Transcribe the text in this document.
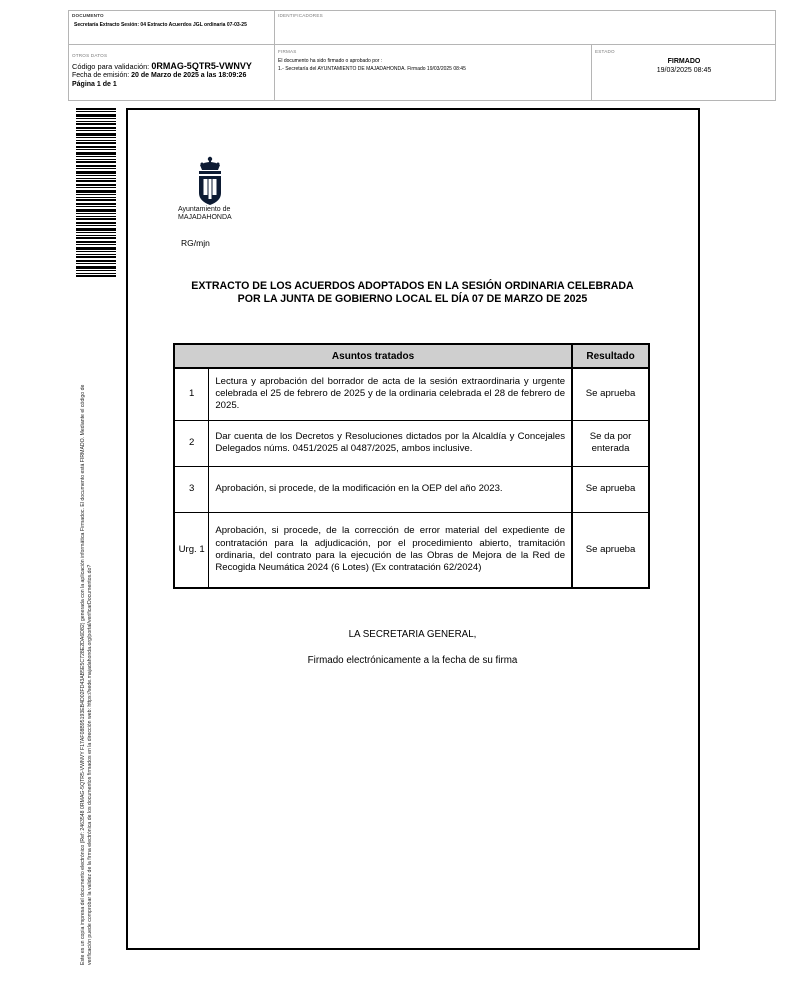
DOCUMENTO
Secretaría Extracto Sesión: 04 Extracto Acuerdos JGL ordinaria 07-03-25
IDENTIFICADORES
OTROS DATOS
Código para validación: 0RMAG-5QTR5-VWNVY
Fecha de emisión: 20 de Marzo de 2025 a las 18:09:26
Página 1 de 1
FIRMAS
El documento ha sido firmado o aprobado por :
1.- Secretaría del AYUNTAMIENTO DE MAJADAHONDA. Firmado 19/03/2025 08:45
ESTADO
FIRMADO
19/03/2025 08:45
Este es un copia impresa del documento electrónico (Ref: 2463548 0RMAG-5QTR5-VWNVY F17AF08B95193EB4D02FD43AB5E5C728E2DA6D82) generada con la aplicación informática Firmadoc. El documento está FIRMADO. Mediante el código de verificación puede comprobar la validez de la firma electrónica de los documentos firmados en la dirección web: https://sede.majadahonda.org/portal/verificarDocumentos.do?
Ayuntamiento de
MAJADAHONDA
RG/mjn
EXTRACTO DE LOS ACUERDOS ADOPTADOS EN LA SESIÓN ORDINARIA CELEBRADA
POR LA JUNTA DE GOBIERNO LOCAL EL DÍA 07 DE MARZO DE 2025
Asuntos tratados		Resultado
1	Lectura y aprobación del borrador de acta de la sesión extraordinaria y urgente celebrada el 25 de febrero de 2025 y de la ordinaria celebrada el 28 de febrero de 2025.	Se aprueba
2	Dar cuenta de los Decretos y Resoluciones dictados por la Alcaldía y Concejales Delegados núms. 0451/2025 al 0487/2025, ambos inclusive.	Se da por enterada
3	Aprobación, si procede, de la modificación en la OEP del año 2023.	Se aprueba
Urg. 1	Aprobación, si procede, de la corrección de error material del expediente de contratación para la adjudicación, por el procedimiento abierto, tramitación ordinaria, del contrato para la ejecución de las Obras de Mejora de la Red de Recogida Neumática 2024 (6 Lotes) (Ex contratación 62/2024)	Se aprueba
LA SECRETARIA GENERAL,
Firmado electrónicamente a la fecha de su firma
